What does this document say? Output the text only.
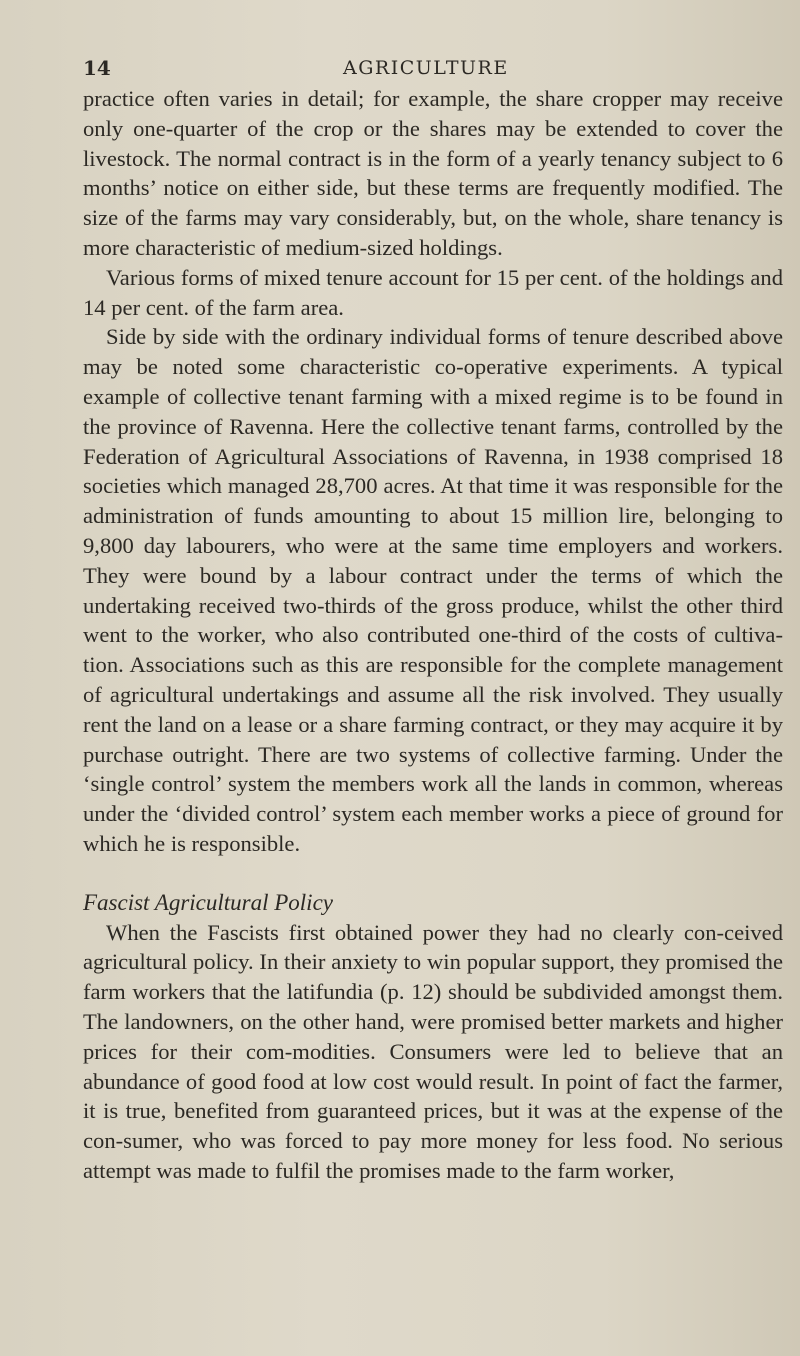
14	AGRICULTURE

practice often varies in detail; for example, the share cropper may receive only one-quarter of the crop or the shares may be extended to cover the livestock. The normal contract is in the form of a yearly tenancy subject to 6 months’ notice on either side, but these terms are frequently modified. The size of the farms may vary considerably, but, on the whole, share tenancy is more characteristic of medium-sized holdings.

Various forms of mixed tenure account for 15 per cent. of the holdings and 14 per cent. of the farm area.

Side by side with the ordinary individual forms of tenure described above may be noted some characteristic co-operative experiments. A typical example of collective tenant farming with a mixed regime is to be found in the province of Ravenna. Here the collective tenant farms, controlled by the Federation of Agricultural Associations of Ravenna, in 1938 comprised 18 societies which managed 28,700 acres. At that time it was responsible for the administration of funds amounting to about 15 million lire, belonging to 9,800 day labourers, who were at the same time employers and workers. They were bound by a labour contract under the terms of which the undertaking received two-thirds of the gross produce, whilst the other third went to the worker, who also contributed one-third of the costs of cultiva-tion. Associations such as this are responsible for the complete management of agricultural undertakings and assume all the risk involved. They usually rent the land on a lease or a share farming contract, or they may acquire it by purchase outright. There are two systems of collective farming. Under the ‘single control’ system the members work all the lands in common, whereas under the ‘divided control’ system each member works a piece of ground for which he is responsible.

Fascist Agricultural Policy

When the Fascists first obtained power they had no clearly con-ceived agricultural policy. In their anxiety to win popular support, they promised the farm workers that the latifundia (p. 12) should be subdivided amongst them. The landowners, on the other hand, were promised better markets and higher prices for their com-modities. Consumers were led to believe that an abundance of good food at low cost would result. In point of fact the farmer, it is true, benefited from guaranteed prices, but it was at the expense of the con-sumer, who was forced to pay more money for less food. No serious attempt was made to fulfil the promises made to the farm worker,
